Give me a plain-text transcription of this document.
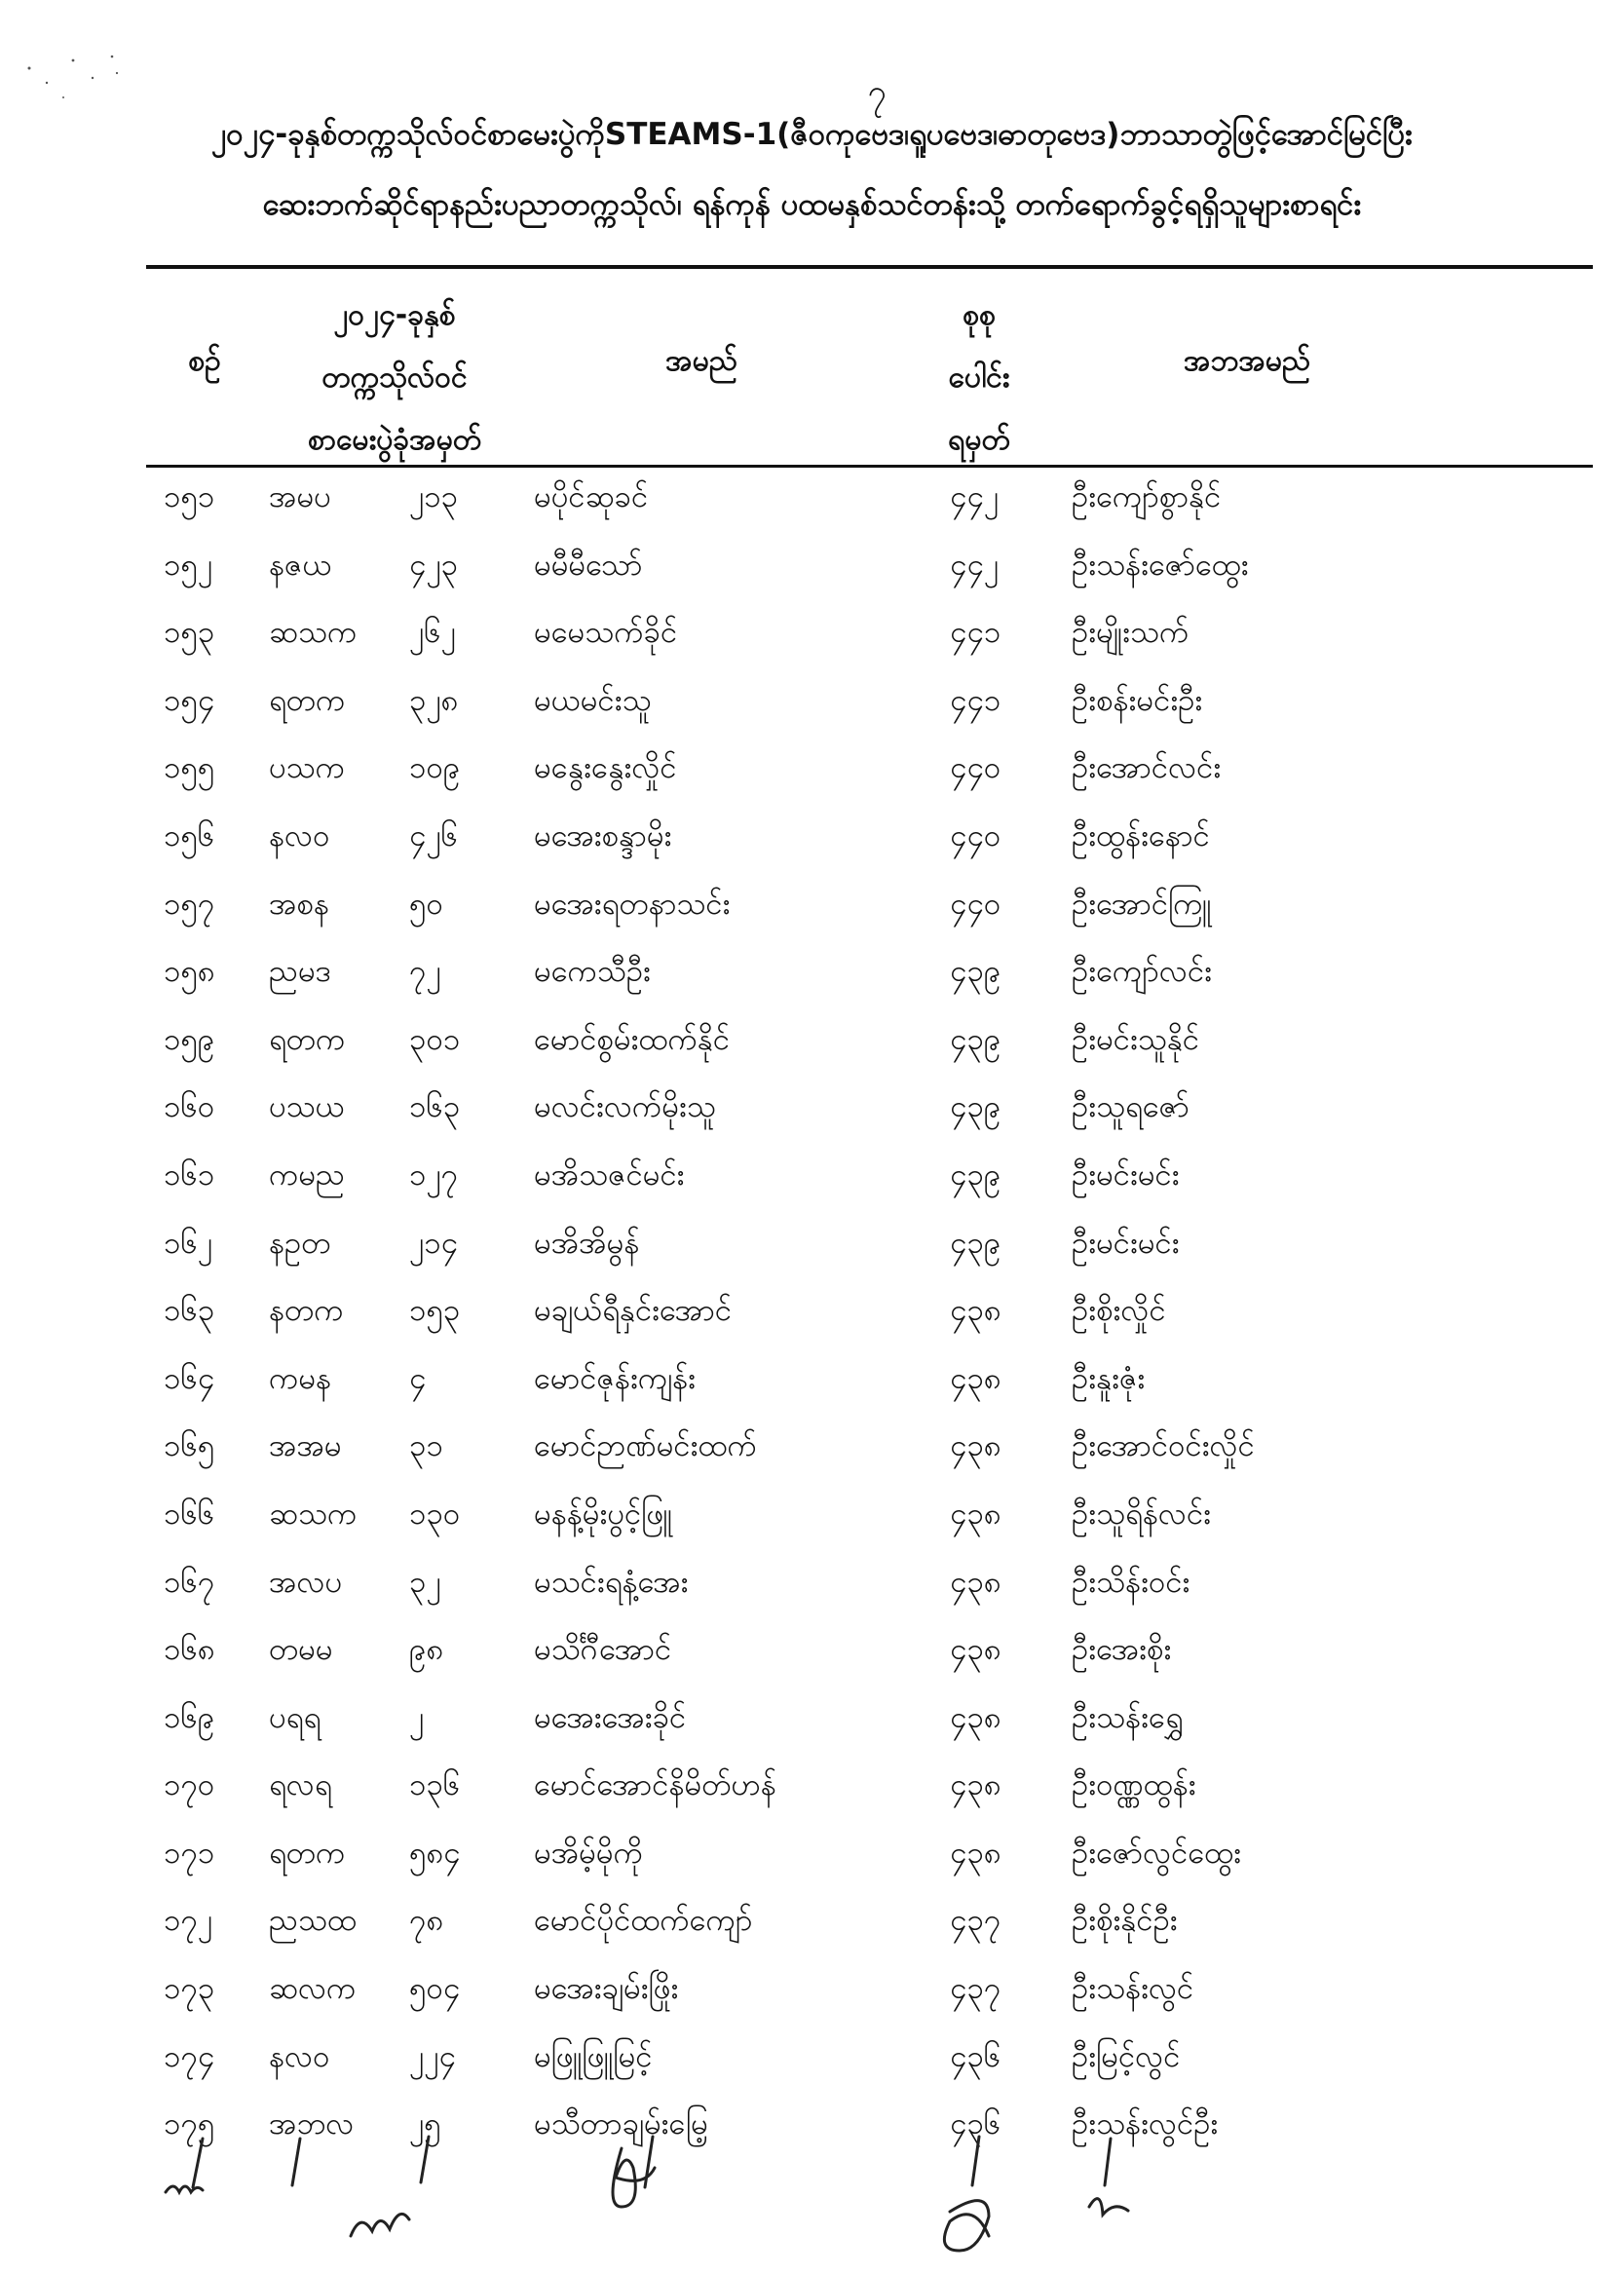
၇
၂၀၂၄-ခုနှစ်တက္ကသိုလ်ဝင်စာမေးပွဲကိုSTEAMS-1(ဇီဝကုဗေဒ၊ရူပဗေဒ၊ဓာတုဗေဒ)ဘာသာတွဲဖြင့်အောင်မြင်ပြီး
ဆေးဘက်ဆိုင်ရာနည်းပညာတက္ကသိုလ်၊ ရန်ကုန် ပထမနှစ်သင်တန်းသို့ တက်ရောက်ခွင့်ရရှိသူများစာရင်း
စဉ်
၂၀၂၄-ခုနှစ်
တက္ကသိုလ်ဝင်
စာမေးပွဲခုံအမှတ်
အမည်
စုစု
ပေါင်း
ရမှတ်
အဘအမည်
၁၅၁ အမပ	၂၁၃	မပိုင်ဆုခင်	၄၄၂ ဦးကျော်စွာနိုင်
၁၅၂ နဇယ	၄၂၃	မမီမီသော်	၄၄၂ ဦးသန်းဇော်ထွေး
၁၅၃ ဆသက ၂၆၂	မမေသက်ခိုင်	၄၄၁ ဦးမျိုးသက်
၁၅၄ ရတက ၃၂၈	မယမင်းသူ	၄၄၁ ဦးစန်းမင်းဦး
၁၅၅ ပသက ၁၀၉ မနွေးနွေးလှိုင်	၄၄၀ ဦးအောင်လင်း
၁၅၆ နလဝ	၄၂၆	မအေးစန္ဒာမိုး	၄၄၀ ဦးထွန်းနောင်
၁၅၇ အစန	၅၀	မအေးရတနာသင်း	၄၄၀ ဦးအောင်ကြူ
၁၅၈ ညမဒ	၇၂	မကေသီဦး	၄၃၉ ဦးကျော်လင်း
၁၅၉ ရတက ၃၀၁ မောင်စွမ်းထက်နိုင်	၄၃၉ ဦးမင်းသူနိုင်
၁၆၀ ပသယ ၁၆၃ မလင်းလက်မိုးသူ	၄၃၉ ဦးသူရဇော်
၁၆၁ ကမည ၁၂၇	မအိသဇင်မင်း	၄၃၉ ဦးမင်းမင်း
၁၆၂ နဥတ	၂၁၄	မအိအိမွန်	၄၃၉ ဦးမင်းမင်း
၁၆၃ နတက ၁၅၃ မချယ်ရီနှင်းအောင်	၄၃၈ ဦးစိုးလှိုင်
၁၆၄ ကမန	၄	မောင်ဇုန်းကျန်း	၄၃၈ ဦးနူးဇုံး
၁၆၅ အအမ ၃၁	မောင်ဉာဏ်မင်းထက်	၄၃၈ ဦးအောင်ဝင်းလှိုင်
၁၆၆ ဆသက ၁၃၀ မနန့်မိုးပွင့်ဖြူ	၄၃၈ ဦးသူရိန်လင်း
၁၆၇ အလပ ၃၂	မသင်းရနံ့အေး	၄၃၈ ဦးသိန်းဝင်း
၁၆၈ တမမ	၉၈	မသိင်္ဂီအောင်	၄၃၈ ဦးအေးစိုး
၁၆၉ ပရရ	၂	မအေးအေးခိုင်	၄၃၈ ဦးသန်းရွှေ
၁၇၀ ရလရ	၁၃၆ မောင်အောင်နိမိတ်ဟန်	၄၃၈ ဦးဝဏ္ဏထွန်း
၁၇၁ ရတက ၅၈၄ မအိမ့်မိုကို	၄၃၈ ဦးဇော်လွင်ထွေး
၁၇၂ ညသထ ၇၈	မောင်ပိုင်ထက်ကျော်	၄၃၇ ဦးစိုးနိုင်ဦး
၁၇၃ ဆလက ၅၀၄ မအေးချမ်းဖြိုး	၄၃၇ ဦးသန်းလွင်
၁၇၄ နလဝ	၂၂၄	မဖြူဖြူမြင့်	၄၃၆ ဦးမြင့်လွင်
၁၇၅ အဘလ ၂၅	မသီတာချမ်းမြေ့	၄၃၆ ဦးသန်းလွင်ဦး
